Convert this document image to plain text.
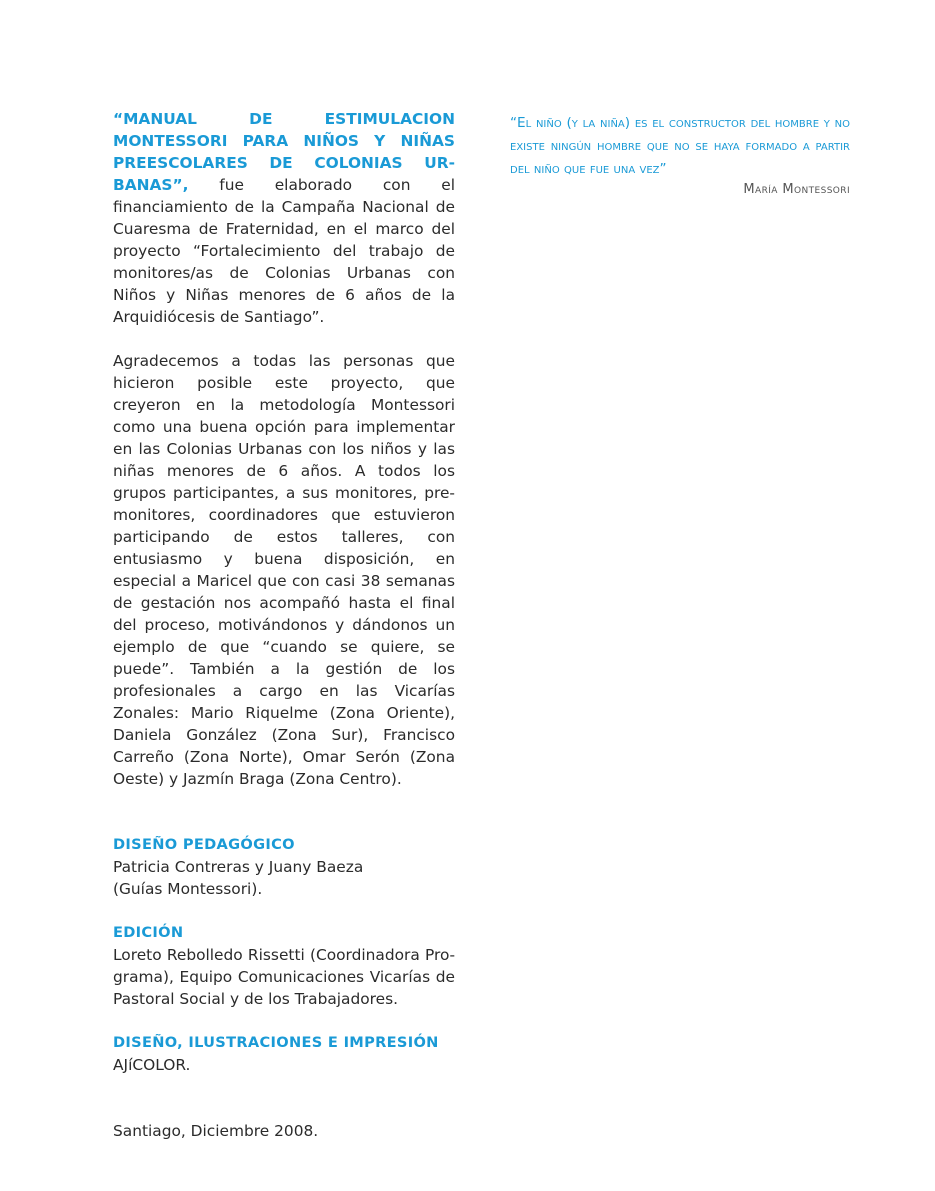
“MANUAL DE ESTIMULACION MONTESSORI PARA NIÑOS Y NIÑAS PREESCOLARES DE COLONIAS URBANAS”, fue elaborado con el financiamiento de la Campaña Nacional de Cuaresma de Fraternidad, en el marco del proyecto “Fortalecimiento del trabajo de monitores/as de Colonias Urbanas con Niños y Niñas menores de 6 años de la Arquidiócesis de Santiago”.

Agradecemos a todas las personas que hicieron posible este proyecto, que creyeron en la metodología Montessori como una buena opción para implementar en las Colonias Urbanas con los niños y las niñas menores de 6 años. A todos los grupos participantes, a sus monitores, pre-monitores, coordinadores que estuvieron participando de estos talleres, con entusiasmo y buena disposición, en especial a Maricel que con casi 38 semanas de gestación nos acompañó hasta el final del proceso, motivándonos y dándonos un ejemplo de que “cuando se quiere, se puede”. También a la gestión de los profesionales a cargo en las Vicarías Zonales: Mario Riquelme (Zona Oriente), Daniela González (Zona Sur), Francisco Carreño (Zona Norte), Omar Serón (Zona Oeste) y Jazmín Braga (Zona Centro).

DISEÑO PEDAGÓGICO

Patricia Contreras y Juany Baeza

(Guías Montessori).

EDICIÓN

Loreto Rebolledo Rissetti (Coordinadora Programa), Equipo Comunicaciones Vicarías de Pastoral Social y de los Trabajadores.

DISEÑO, ILUSTRACIONES E IMPRESIÓN

AJíCOLOR.

Santiago, Diciembre 2008.

“El niño (y la niña) es el constructor del hombre y no existe ningún hombre que no se haya formado a partir del niño que fue una vez”

María Montessori
